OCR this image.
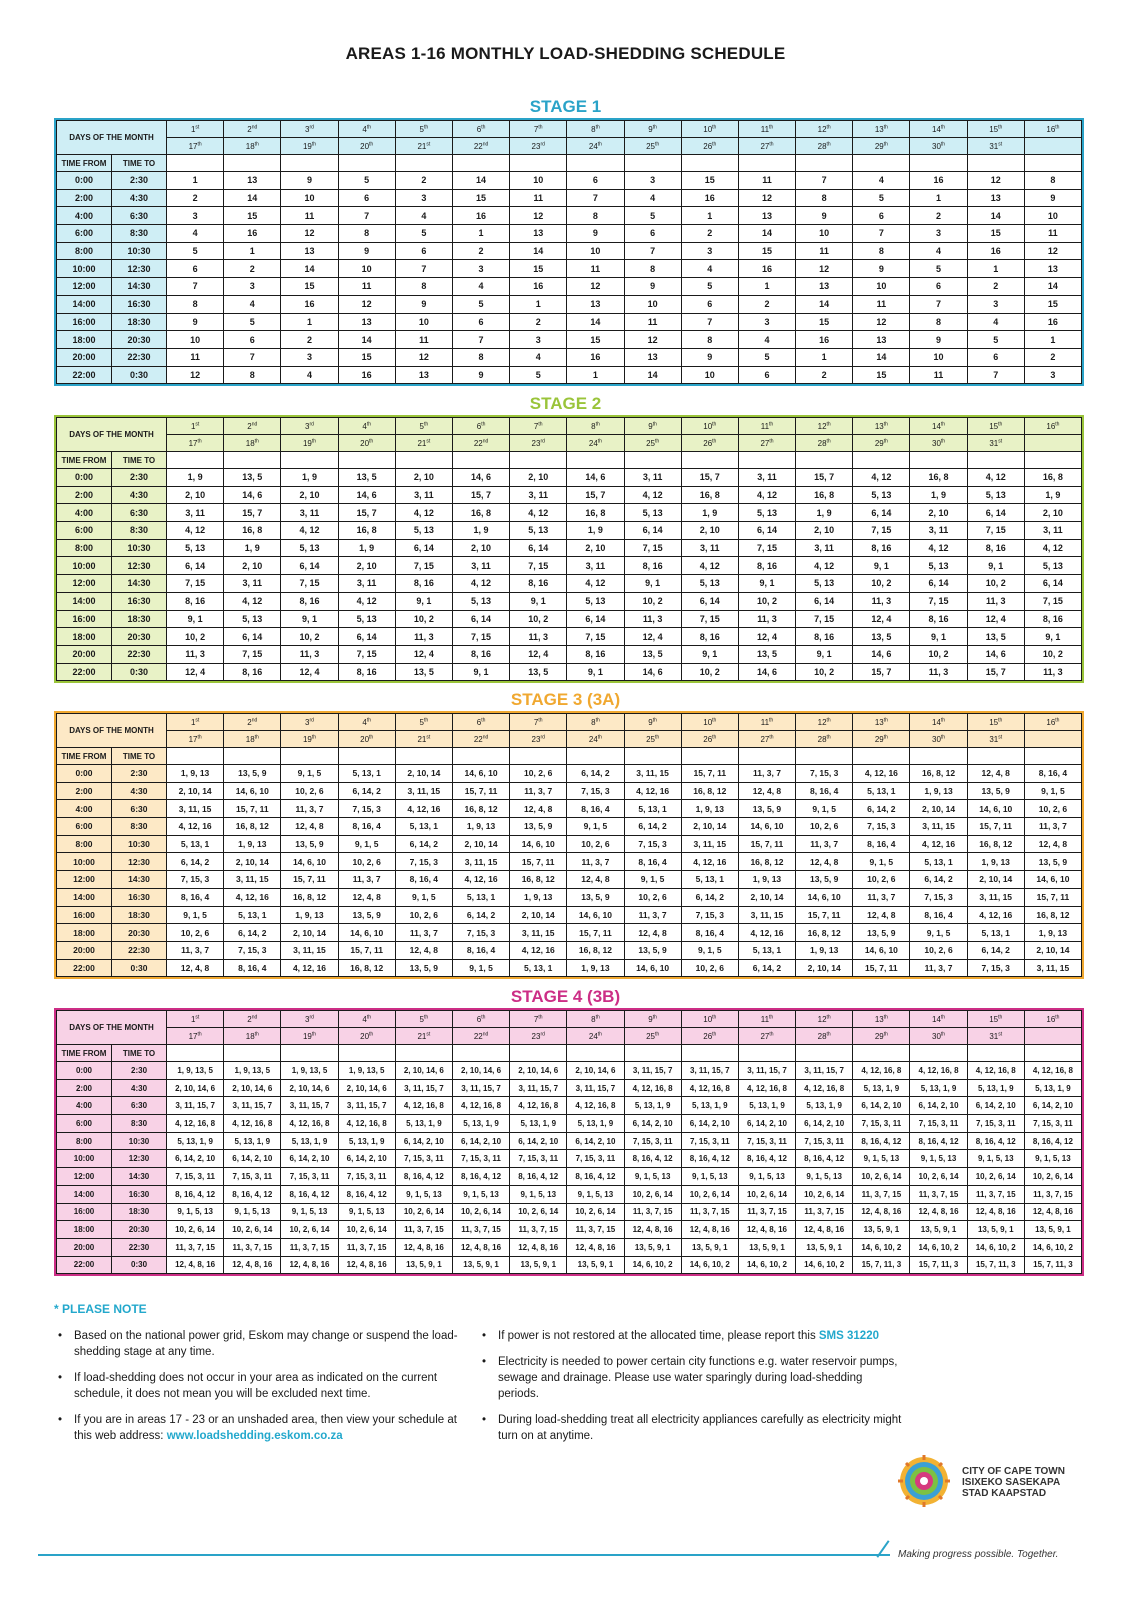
AREAS 1-16 MONTHLY LOAD-SHEDDING SCHEDULE
STAGE 1
DAYS OF THE MONTH		1st	2nd	3rd	4th	5th	6th	7th	8th	9th	10th	11th	12th	13th	14th	15th	16th
		17th	18th	19th	20th	21st	22nd	23rd	24th	25th	26th	27th	28th	29th	30th	31st	
TIME FROM	TIME TO																
0:00	2:30	1	13	9	5	2	14	10	6	3	15	11	7	4	16	12	8
2:00	4:30	2	14	10	6	3	15	11	7	4	16	12	8	5	1	13	9
4:00	6:30	3	15	11	7	4	16	12	8	5	1	13	9	6	2	14	10
6:00	8:30	4	16	12	8	5	1	13	9	6	2	14	10	7	3	15	11
8:00	10:30	5	1	13	9	6	2	14	10	7	3	15	11	8	4	16	12
10:00	12:30	6	2	14	10	7	3	15	11	8	4	16	12	9	5	1	13
12:00	14:30	7	3	15	11	8	4	16	12	9	5	1	13	10	6	2	14
14:00	16:30	8	4	16	12	9	5	1	13	10	6	2	14	11	7	3	15
16:00	18:30	9	5	1	13	10	6	2	14	11	7	3	15	12	8	4	16
18:00	20:30	10	6	2	14	11	7	3	15	12	8	4	16	13	9	5	1
20:00	22:30	11	7	3	15	12	8	4	16	13	9	5	1	14	10	6	2
22:00	0:30	12	8	4	16	13	9	5	1	14	10	6	2	15	11	7	3
STAGE 2
DAYS OF THE MONTH		1st	2nd	3rd	4th	5th	6th	7th	8th	9th	10th	11th	12th	13th	14th	15th	16th
		17th	18th	19th	20th	21st	22nd	23rd	24th	25th	26th	27th	28th	29th	30th	31st	
TIME FROM	TIME TO																
0:00	2:30	1, 9	13, 5	1, 9	13, 5	2, 10	14, 6	2, 10	14, 6	3, 11	15, 7	3, 11	15, 7	4, 12	16, 8	4, 12	16, 8
2:00	4:30	2, 10	14, 6	2, 10	14, 6	3, 11	15, 7	3, 11	15, 7	4, 12	16, 8	4, 12	16, 8	5, 13	1, 9	5, 13	1, 9
4:00	6:30	3, 11	15, 7	3, 11	15, 7	4, 12	16, 8	4, 12	16, 8	5, 13	1, 9	5, 13	1, 9	6, 14	2, 10	6, 14	2, 10
6:00	8:30	4, 12	16, 8	4, 12	16, 8	5, 13	1, 9	5, 13	1, 9	6, 14	2, 10	6, 14	2, 10	7, 15	3, 11	7, 15	3, 11
8:00	10:30	5, 13	1, 9	5, 13	1, 9	6, 14	2, 10	6, 14	2, 10	7, 15	3, 11	7, 15	3, 11	8, 16	4, 12	8, 16	4, 12
10:00	12:30	6, 14	2, 10	6, 14	2, 10	7, 15	3, 11	7, 15	3, 11	8, 16	4, 12	8, 16	4, 12	9, 1	5, 13	9, 1	5, 13
12:00	14:30	7, 15	3, 11	7, 15	3, 11	8, 16	4, 12	8, 16	4, 12	9, 1	5, 13	9, 1	5, 13	10, 2	6, 14	10, 2	6, 14
14:00	16:30	8, 16	4, 12	8, 16	4, 12	9, 1	5, 13	9, 1	5, 13	10, 2	6, 14	10, 2	6, 14	11, 3	7, 15	11, 3	7, 15
16:00	18:30	9, 1	5, 13	9, 1	5, 13	10, 2	6, 14	10, 2	6, 14	11, 3	7, 15	11, 3	7, 15	12, 4	8, 16	12, 4	8, 16
18:00	20:30	10, 2	6, 14	10, 2	6, 14	11, 3	7, 15	11, 3	7, 15	12, 4	8, 16	12, 4	8, 16	13, 5	9, 1	13, 5	9, 1
20:00	22:30	11, 3	7, 15	11, 3	7, 15	12, 4	8, 16	12, 4	8, 16	13, 5	9, 1	13, 5	9, 1	14, 6	10, 2	14, 6	10, 2
22:00	0:30	12, 4	8, 16	12, 4	8, 16	13, 5	9, 1	13, 5	9, 1	14, 6	10, 2	14, 6	10, 2	15, 7	11, 3	15, 7	11, 3
STAGE 3 (3A)
DAYS OF THE MONTH		1st	2nd	3rd	4th	5th	6th	7th	8th	9th	10th	11th	12th	13th	14th	15th	16th
		17th	18th	19th	20th	21st	22nd	23rd	24th	25th	26th	27th	28th	29th	30th	31st	
TIME FROM	TIME TO																
0:00	2:30	1, 9, 13	13, 5, 9	9, 1, 5	5, 13, 1	2, 10, 14	14, 6, 10	10, 2, 6	6, 14, 2	3, 11, 15	15, 7, 11	11, 3, 7	7, 15, 3	4, 12, 16	16, 8, 12	12, 4, 8	8, 16, 4
2:00	4:30	2, 10, 14	14, 6, 10	10, 2, 6	6, 14, 2	3, 11, 15	15, 7, 11	11, 3, 7	7, 15, 3	4, 12, 16	16, 8, 12	12, 4, 8	8, 16, 4	5, 13, 1	1, 9, 13	13, 5, 9	9, 1, 5
4:00	6:30	3, 11, 15	15, 7, 11	11, 3, 7	7, 15, 3	4, 12, 16	16, 8, 12	12, 4, 8	8, 16, 4	5, 13, 1	1, 9, 13	13, 5, 9	9, 1, 5	6, 14, 2	2, 10, 14	14, 6, 10	10, 2, 6
6:00	8:30	4, 12, 16	16, 8, 12	12, 4, 8	8, 16, 4	5, 13, 1	1, 9, 13	13, 5, 9	9, 1, 5	6, 14, 2	2, 10, 14	14, 6, 10	10, 2, 6	7, 15, 3	3, 11, 15	15, 7, 11	11, 3, 7
8:00	10:30	5, 13, 1	1, 9, 13	13, 5, 9	9, 1, 5	6, 14, 2	2, 10, 14	14, 6, 10	10, 2, 6	7, 15, 3	3, 11, 15	15, 7, 11	11, 3, 7	8, 16, 4	4, 12, 16	16, 8, 12	12, 4, 8
10:00	12:30	6, 14, 2	2, 10, 14	14, 6, 10	10, 2, 6	7, 15, 3	3, 11, 15	15, 7, 11	11, 3, 7	8, 16, 4	4, 12, 16	16, 8, 12	12, 4, 8	9, 1, 5	5, 13, 1	1, 9, 13	13, 5, 9
12:00	14:30	7, 15, 3	3, 11, 15	15, 7, 11	11, 3, 7	8, 16, 4	4, 12, 16	16, 8, 12	12, 4, 8	9, 1, 5	5, 13, 1	1, 9, 13	13, 5, 9	10, 2, 6	6, 14, 2	2, 10, 14	14, 6, 10
14:00	16:30	8, 16, 4	4, 12, 16	16, 8, 12	12, 4, 8	9, 1, 5	5, 13, 1	1, 9, 13	13, 5, 9	10, 2, 6	6, 14, 2	2, 10, 14	14, 6, 10	11, 3, 7	7, 15, 3	3, 11, 15	15, 7, 11
16:00	18:30	9, 1, 5	5, 13, 1	1, 9, 13	13, 5, 9	10, 2, 6	6, 14, 2	2, 10, 14	14, 6, 10	11, 3, 7	7, 15, 3	3, 11, 15	15, 7, 11	12, 4, 8	8, 16, 4	4, 12, 16	16, 8, 12
18:00	20:30	10, 2, 6	6, 14, 2	2, 10, 14	14, 6, 10	11, 3, 7	7, 15, 3	3, 11, 15	15, 7, 11	12, 4, 8	8, 16, 4	4, 12, 16	16, 8, 12	13, 5, 9	9, 1, 5	5, 13, 1	1, 9, 13
20:00	22:30	11, 3, 7	7, 15, 3	3, 11, 15	15, 7, 11	12, 4, 8	8, 16, 4	4, 12, 16	16, 8, 12	13, 5, 9	9, 1, 5	5, 13, 1	1, 9, 13	14, 6, 10	10, 2, 6	6, 14, 2	2, 10, 14
22:00	0:30	12, 4, 8	8, 16, 4	4, 12, 16	16, 8, 12	13, 5, 9	9, 1, 5	5, 13, 1	1, 9, 13	14, 6, 10	10, 2, 6	6, 14, 2	2, 10, 14	15, 7, 11	11, 3, 7	7, 15, 3	3, 11, 15
STAGE 4 (3B)
DAYS OF THE MONTH		1st	2nd	3rd	4th	5th	6th	7th	8th	9th	10th	11th	12th	13th	14th	15th	16th
		17th	18th	19th	20th	21st	22nd	23rd	24th	25th	26th	27th	28th	29th	30th	31st	
TIME FROM	TIME TO																
0:00	2:30	1, 9, 13, 5	1, 9, 13, 5	1, 9, 13, 5	1, 9, 13, 5	2, 10, 14, 6	2, 10, 14, 6	2, 10, 14, 6	2, 10, 14, 6	3, 11, 15, 7	3, 11, 15, 7	3, 11, 15, 7	3, 11, 15, 7	4, 12, 16, 8	4, 12, 16, 8	4, 12, 16, 8	4, 12, 16, 8
2:00	4:30	2, 10, 14, 6	2, 10, 14, 6	2, 10, 14, 6	2, 10, 14, 6	3, 11, 15, 7	3, 11, 15, 7	3, 11, 15, 7	3, 11, 15, 7	4, 12, 16, 8	4, 12, 16, 8	4, 12, 16, 8	4, 12, 16, 8	5, 13, 1, 9	5, 13, 1, 9	5, 13, 1, 9	5, 13, 1, 9
4:00	6:30	3, 11, 15, 7	3, 11, 15, 7	3, 11, 15, 7	3, 11, 15, 7	4, 12, 16, 8	4, 12, 16, 8	4, 12, 16, 8	4, 12, 16, 8	5, 13, 1, 9	5, 13, 1, 9	5, 13, 1, 9	5, 13, 1, 9	6, 14, 2, 10	6, 14, 2, 10	6, 14, 2, 10	6, 14, 2, 10
6:00	8:30	4, 12, 16, 8	4, 12, 16, 8	4, 12, 16, 8	4, 12, 16, 8	5, 13, 1, 9	5, 13, 1, 9	5, 13, 1, 9	5, 13, 1, 9	6, 14, 2, 10	6, 14, 2, 10	6, 14, 2, 10	6, 14, 2, 10	7, 15, 3, 11	7, 15, 3, 11	7, 15, 3, 11	7, 15, 3, 11
8:00	10:30	5, 13, 1, 9	5, 13, 1, 9	5, 13, 1, 9	5, 13, 1, 9	6, 14, 2, 10	6, 14, 2, 10	6, 14, 2, 10	6, 14, 2, 10	7, 15, 3, 11	7, 15, 3, 11	7, 15, 3, 11	7, 15, 3, 11	8, 16, 4, 12	8, 16, 4, 12	8, 16, 4, 12	8, 16, 4, 12
10:00	12:30	6, 14, 2, 10	6, 14, 2, 10	6, 14, 2, 10	6, 14, 2, 10	7, 15, 3, 11	7, 15, 3, 11	7, 15, 3, 11	7, 15, 3, 11	8, 16, 4, 12	8, 16, 4, 12	8, 16, 4, 12	8, 16, 4, 12	9, 1, 5, 13	9, 1, 5, 13	9, 1, 5, 13	9, 1, 5, 13
12:00	14:30	7, 15, 3, 11	7, 15, 3, 11	7, 15, 3, 11	7, 15, 3, 11	8, 16, 4, 12	8, 16, 4, 12	8, 16, 4, 12	8, 16, 4, 12	9, 1, 5, 13	9, 1, 5, 13	9, 1, 5, 13	9, 1, 5, 13	10, 2, 6, 14	10, 2, 6, 14	10, 2, 6, 14	10, 2, 6, 14
14:00	16:30	8, 16, 4, 12	8, 16, 4, 12	8, 16, 4, 12	8, 16, 4, 12	9, 1, 5, 13	9, 1, 5, 13	9, 1, 5, 13	9, 1, 5, 13	10, 2, 6, 14	10, 2, 6, 14	10, 2, 6, 14	10, 2, 6, 14	11, 3, 7, 15	11, 3, 7, 15	11, 3, 7, 15	11, 3, 7, 15
16:00	18:30	9, 1, 5, 13	9, 1, 5, 13	9, 1, 5, 13	9, 1, 5, 13	10, 2, 6, 14	10, 2, 6, 14	10, 2, 6, 14	10, 2, 6, 14	11, 3, 7, 15	11, 3, 7, 15	11, 3, 7, 15	11, 3, 7, 15	12, 4, 8, 16	12, 4, 8, 16	12, 4, 8, 16	12, 4, 8, 16
18:00	20:30	10, 2, 6, 14	10, 2, 6, 14	10, 2, 6, 14	10, 2, 6, 14	11, 3, 7, 15	11, 3, 7, 15	11, 3, 7, 15	11, 3, 7, 15	12, 4, 8, 16	12, 4, 8, 16	12, 4, 8, 16	12, 4, 8, 16	13, 5, 9, 1	13, 5, 9, 1	13, 5, 9, 1	13, 5, 9, 1
20:00	22:30	11, 3, 7, 15	11, 3, 7, 15	11, 3, 7, 15	11, 3, 7, 15	12, 4, 8, 16	12, 4, 8, 16	12, 4, 8, 16	12, 4, 8, 16	13, 5, 9, 1	13, 5, 9, 1	13, 5, 9, 1	13, 5, 9, 1	14, 6, 10, 2	14, 6, 10, 2	14, 6, 10, 2	14, 6, 10, 2
22:00	0:30	12, 4, 8, 16	12, 4, 8, 16	12, 4, 8, 16	12, 4, 8, 16	13, 5, 9, 1	13, 5, 9, 1	13, 5, 9, 1	13, 5, 9, 1	14, 6, 10, 2	14, 6, 10, 2	14, 6, 10, 2	14, 6, 10, 2	15, 7, 11, 3	15, 7, 11, 3	15, 7, 11, 3	15, 7, 11, 3
* PLEASE NOTE
• Based on the national power grid, Eskom may change or suspend the load-shedding stage at any time.
• If load-shedding does not occur in your area as indicated on the current schedule, it does not mean you will be excluded next time.
• If you are in areas 17 - 23 or an unshaded area, then view your schedule at this web address: www.loadshedding.eskom.co.za
• If power is not restored at the allocated time, please report this SMS 31220
• Electricity is needed to power certain city functions e.g. water reservoir pumps, sewage and drainage. Please use water sparingly during load-shedding periods.
• During load-shedding treat all electricity appliances carefully as electricity might turn on at anytime.
CITY OF CAPE TOWN
ISIXEKO SASEKAPA
STAD KAAPSTAD
Making progress possible. Together.
